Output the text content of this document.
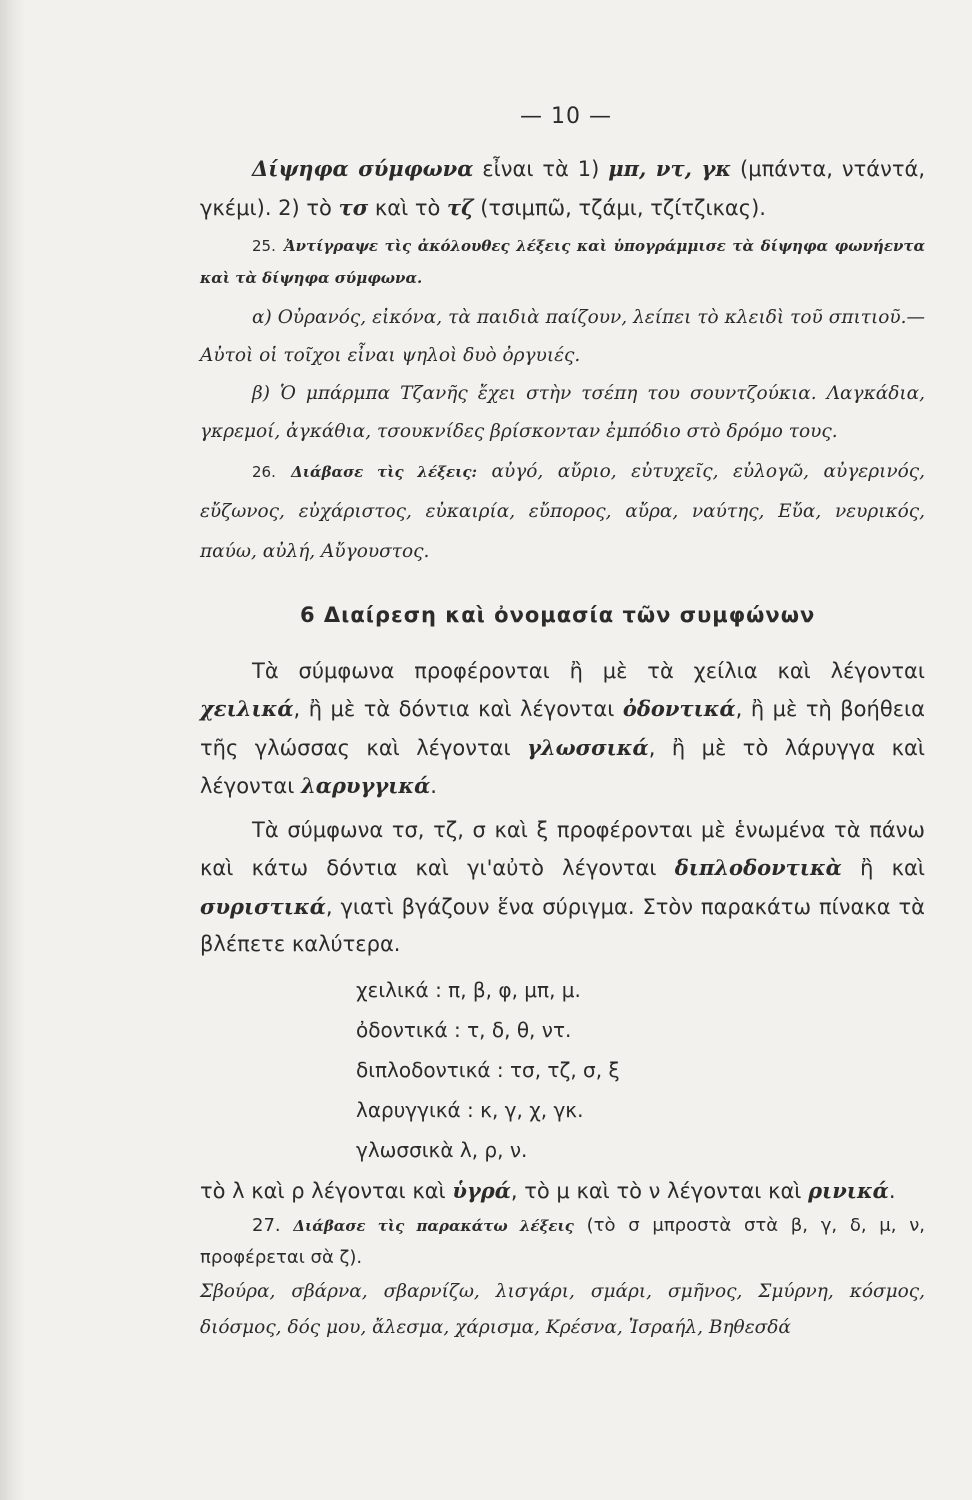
— 10 —

Δίψηφα σύμφωνα εἶναι τὰ 1) μπ, ντ, γκ (μπάντα, ντάντά, γκέμι). 2) τὸ τσ καὶ τὸ τζ (τσιμπῶ, τζάμι, τζίτζικας).

25. Ἀντίγραψε τὶς ἀκόλουθες λέξεις καὶ ὑπογράμμισε τὰ δίψηφα φωνήεντα καὶ τὰ δίψηφα σύμφωνα.

α) Οὐρανός, εἰκόνα, τὰ παιδιὰ παίζουν, λείπει τὸ κλειδὶ τοῦ σπιτιοῦ.—Αὐτοὶ οἱ τοῖχοι εἶναι ψηλοὶ δυὸ ὀργυιές.

β) Ὁ μπάρμπα Τζανῆς ἔχει στὴν τσέπη του σουντζούκια. Λαγκάδια, γκρεμοί, ἀγκάθια, τσουκνίδες βρίσκονταν ἐμπόδιο στὸ δρόμο τους.

26. Διάβασε τὶς λέξεις: αὐγό, αὔριο, εὐτυχεῖς, εὐλογῶ, αὐγερινός, εὔζωνος, εὐχάριστος, εὐκαιρία, εὔπορος, αὔρα, ναύτης, Εὔα, νευρικός, παύω, αὐλή, Αὔγουστος.

6 Διαίρεση καὶ ὀνομασία τῶν συμφώνων

Τὰ σύμφωνα προφέρονται ἢ μὲ τὰ χείλια καὶ λέγονται χειλικά, ἢ μὲ τὰ δόντια καὶ λέγονται ὀδοντικά, ἢ μὲ τὴ βοήθεια τῆς γλώσσας καὶ λέγονται γλωσσικά, ἢ μὲ τὸ λάρυγγα καὶ λέγονται λαρυγγικά.

Τὰ σύμφωνα τσ, τζ, σ καὶ ξ προφέρονται μὲ ἑνωμένα τὰ πάνω καὶ κάτω δόντια καὶ γι'αὐτὸ λέγονται διπλοδοντικὰ ἢ καὶ συριστικά, γιατὶ βγάζουν ἕνα σύριγμα. Στὸν παρακάτω πίνακα τὰ βλέπετε καλύτερα.

χειλικά : π, β, φ, μπ, μ.
ὀδοντικά : τ, δ, θ, ντ.
διπλοδοντικά : τσ, τζ, σ, ξ
λαρυγγικά : κ, γ, χ, γκ.
γλωσσικὰ λ, ρ, ν.

τὸ λ καὶ ρ λέγονται καὶ ὑγρά, τὸ μ καὶ τὸ ν λέγονται καὶ ρινικά.

27. Διάβασε τὶς παρακάτω λέξεις (τὸ σ μπροστὰ στὰ β, γ, δ, μ, ν, προφέρεται σὰ ζ).

Σβούρα, σβάρνα, σβαρνίζω, λισγάρι, σμάρι, σμῆνος, Σμύρνη, κόσμος, διόσμος, δός μου, ἄλεσμα, χάρισμα, Κρέσνα, Ἰσραήλ, Βηθεσδά
